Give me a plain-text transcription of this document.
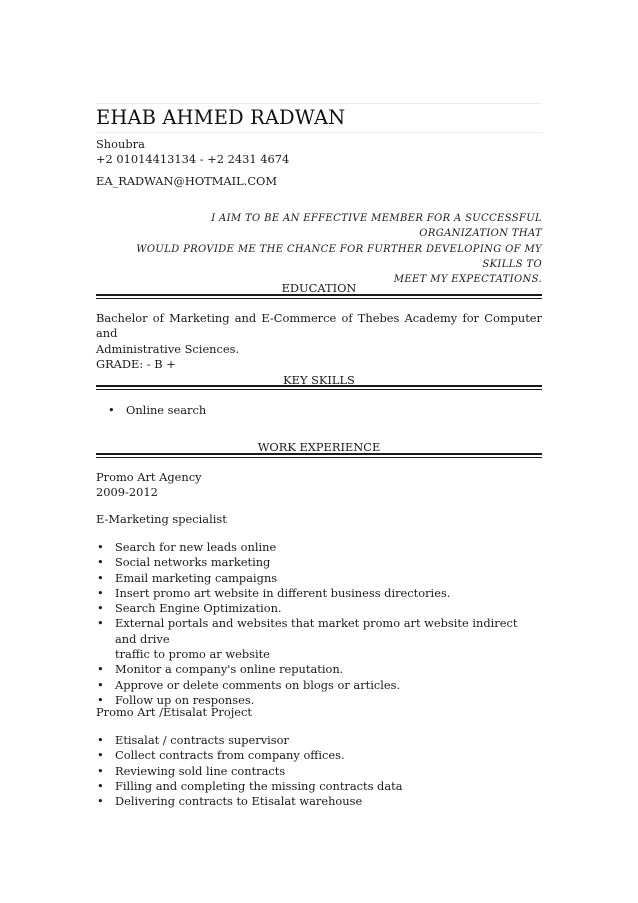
EHAB AHMED RADWAN
Shoubra
+2 01014413134 - +2 2431 4674
EA_RADWAN@HOTMAIL.COM
I AIM TO BE AN EFFECTIVE MEMBER FOR A SUCCESSFUL ORGANIZATION THAT
WOULD PROVIDE ME THE CHANCE FOR FURTHER DEVELOPING OF MY SKILLS TO
MEET MY EXPECTATIONS.
EDUCATION
Bachelor of Marketing and E-Commerce of Thebes Academy for Computer and
Administrative Sciences.
GRADE: - B +
KEY SKILLS
• Online search
WORK EXPERIENCE
Promo Art Agency
2009-2012
E-Marketing specialist
• Search for new leads online
• Social networks marketing
• Email marketing campaigns
• Insert promo art website in different business directories.
• Search Engine Optimization.
• External portals and websites that market promo art website indirect and drive
traffic to promo ar website
• Monitor a company's online reputation.
• Approve or delete comments on blogs or articles.
• Follow up on responses.
Promo Art /Etisalat Project
• Etisalat / contracts supervisor
• Collect contracts from company offices.
• Reviewing sold line contracts
• Filling and completing the missing contracts data
• Delivering contracts to Etisalat warehouse
